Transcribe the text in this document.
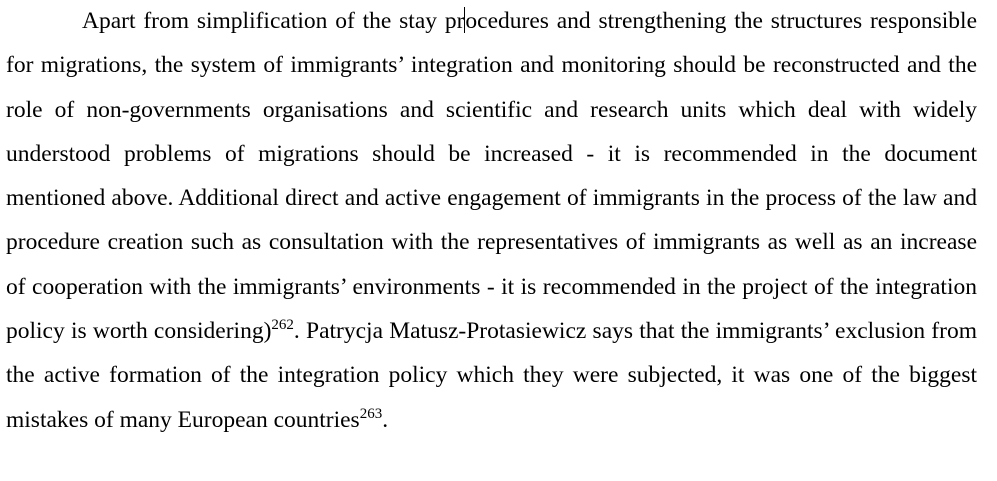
Apart from simplification of the stay procedures and strengthening the structures responsible for migrations, the system of immigrants’ integration and monitoring should be reconstructed and the role of non-governments organisations and scientific and research units which deal with widely understood problems of migrations should be increased - it is recommended in the document mentioned above. Additional direct and active engagement of immigrants in the process of the law and procedure creation such as consultation with the representatives of immigrants as well as an increase of cooperation with the immigrants’ environments - it is recommended in the project of the integration policy is worth considering)$^{262}$. Patrycja Matusz-Protasiewicz says that the immigrants’ exclusion from the active formation of the integration policy which they were subjected, it was one of the biggest mistakes of many European countries$^{263}$.
